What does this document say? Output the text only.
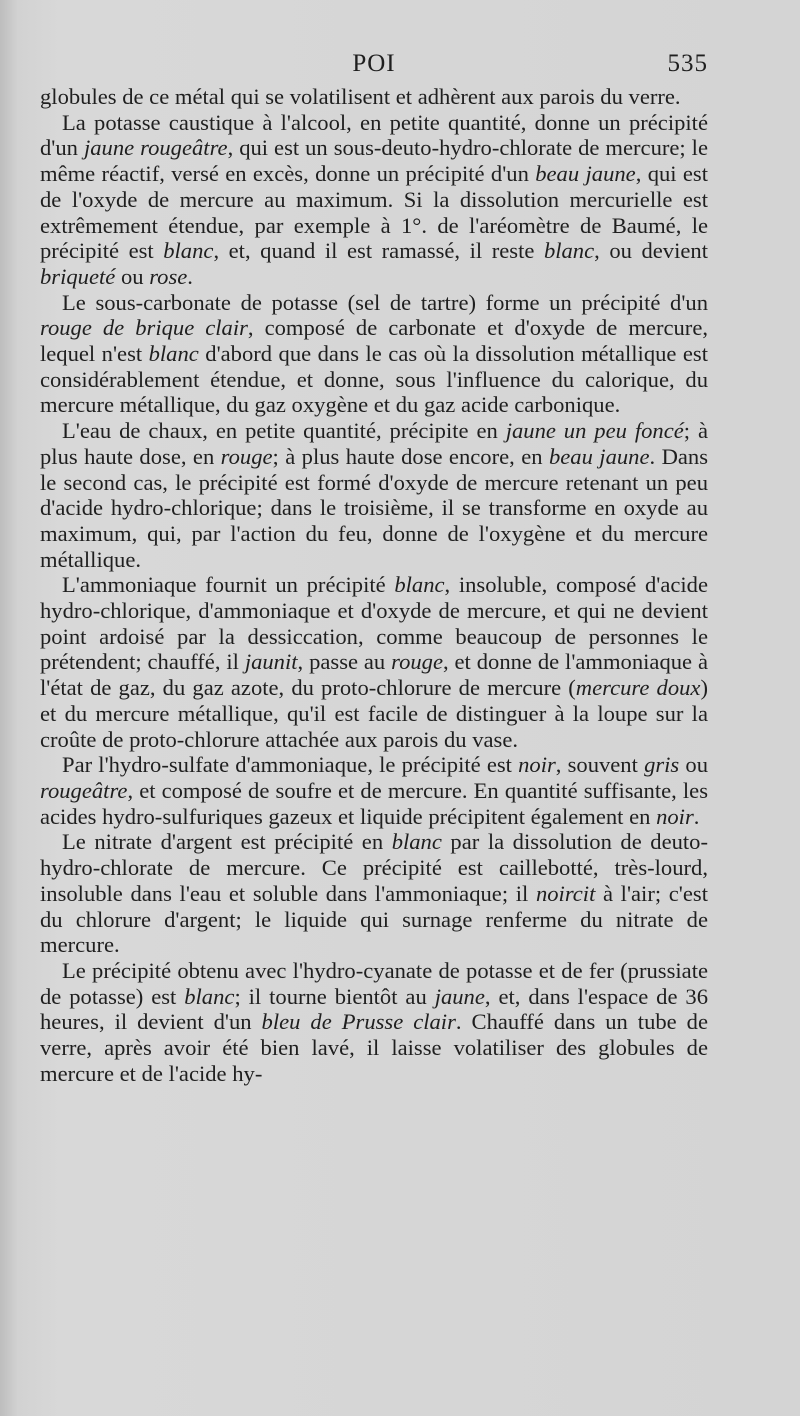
POI	535

globules de ce métal qui se volatilisent et adhèrent aux parois du verre.

La potasse caustique à l'alcool, en petite quantité, donne un précipité d'un jaune rougeâtre, qui est un sous-deuto-hydro-chlorate de mercure; le même réactif, versé en excès, donne un précipité d'un beau jaune, qui est de l'oxyde de mercure au maximum. Si la dissolution mercurielle est extrêmement étendue, par exemple à 1°. de l'aréomètre de Baumé, le précipité est blanc, et, quand il est ramassé, il reste blanc, ou devient briqueté ou rose.

Le sous-carbonate de potasse (sel de tartre) forme un précipité d'un rouge de brique clair, composé de carbonate et d'oxyde de mercure, lequel n'est blanc d'abord que dans le cas où la dissolution métallique est considérablement étendue, et donne, sous l'influence du calorique, du mercure métallique, du gaz oxygène et du gaz acide carbonique.

L'eau de chaux, en petite quantité, précipite en jaune un peu foncé; à plus haute dose, en rouge; à plus haute dose encore, en beau jaune. Dans le second cas, le précipité est formé d'oxyde de mercure retenant un peu d'acide hydro-chlorique; dans le troisième, il se transforme en oxyde au maximum, qui, par l'action du feu, donne de l'oxygène et du mercure métallique.

L'ammoniaque fournit un précipité blanc, insoluble, composé d'acide hydro-chlorique, d'ammoniaque et d'oxyde de mercure, et qui ne devient point ardoisé par la dessiccation, comme beaucoup de personnes le prétendent; chauffé, il jaunit, passe au rouge, et donne de l'ammoniaque à l'état de gaz, du gaz azote, du proto-chlorure de mercure (mercure doux) et du mercure métallique, qu'il est facile de distinguer à la loupe sur la croûte de proto-chlorure attachée aux parois du vase.

Par l'hydro-sulfate d'ammoniaque, le précipité est noir, souvent gris ou rougeâtre, et composé de soufre et de mercure. En quantité suffisante, les acides hydro-sulfuriques gazeux et liquide précipitent également en noir.

Le nitrate d'argent est précipité en blanc par la dissolution de deuto-hydro-chlorate de mercure. Ce précipité est caillebotté, très-lourd, insoluble dans l'eau et soluble dans l'ammoniaque; il noircit à l'air; c'est du chlorure d'argent; le liquide qui surnage renferme du nitrate de mercure.

Le précipité obtenu avec l'hydro-cyanate de potasse et de fer (prussiate de potasse) est blanc; il tourne bientôt au jaune, et, dans l'espace de 36 heures, il devient d'un bleu de Prusse clair. Chauffé dans un tube de verre, après avoir été bien lavé, il laisse volatiliser des globules de mercure et de l'acide hy-
